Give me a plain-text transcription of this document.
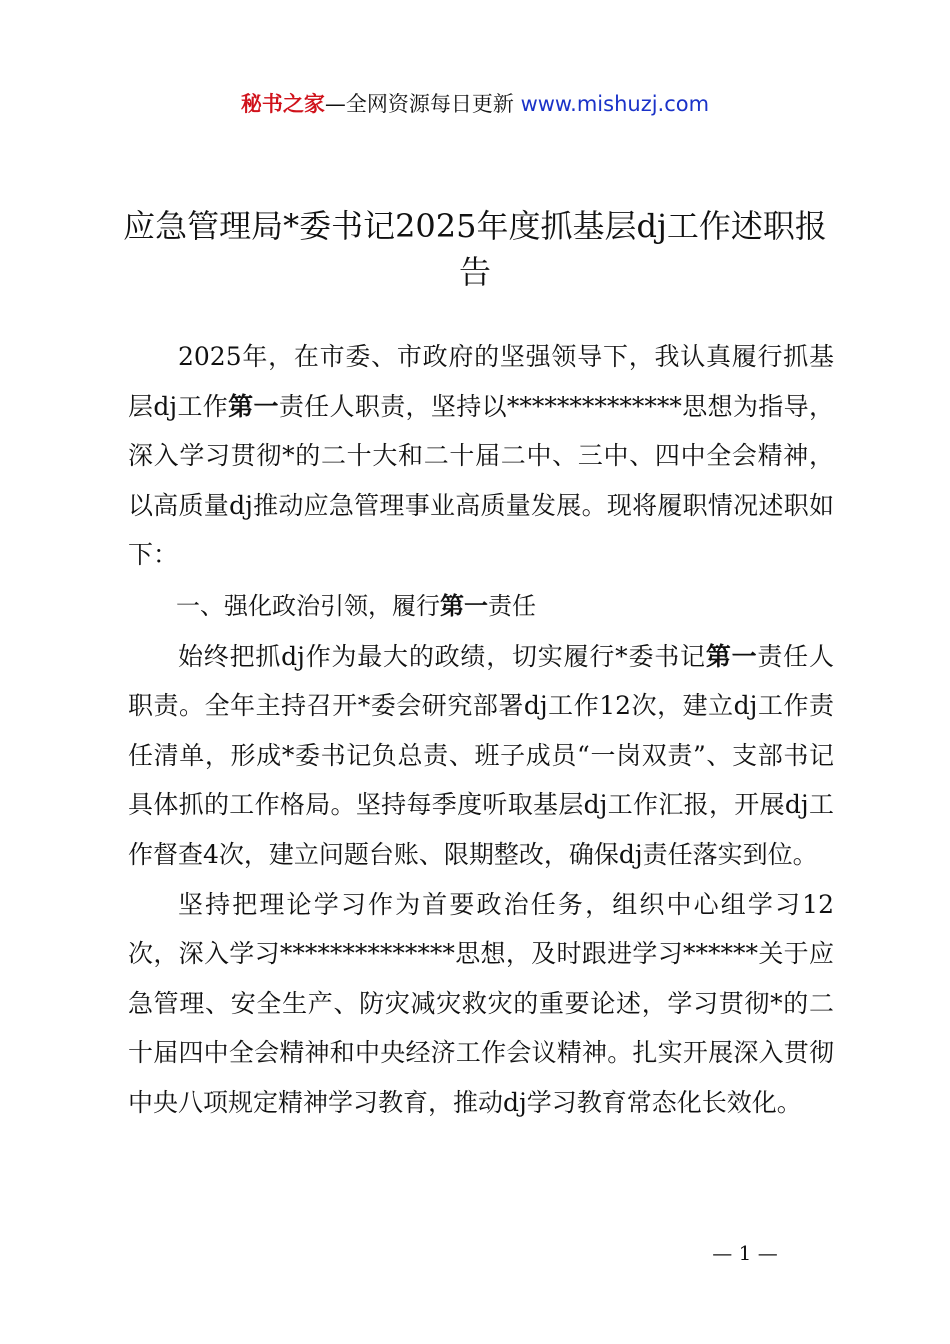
秘书之家—全网资源每日更新 www.mishuzj.com
应急管理局*委书记2025年度抓基层dj工作述职报告

2025年，在市委、市政府的坚强领导下，我认真履行抓基层dj工作第一责任人职责，坚持以**************思想为指导，深入学习贯彻*的二十大和二十届二中、三中、四中全会精神，以高质量dj推动应急管理事业高质量发展。现将履职情况述职如下：

一、强化政治引领，履行第一责任

始终把抓dj作为最大的政绩，切实履行*委书记第一责任人职责。全年主持召开*委会研究部署dj工作12次，建立dj工作责任清单，形成*委书记负总责、班子成员“一岗双责”、支部书记具体抓的工作格局。坚持每季度听取基层dj工作汇报，开展dj工作督查4次，建立问题台账、限期整改，确保dj责任落实到位。

坚持把理论学习作为首要政治任务，组织中心组学习12次，深入学习**************思想，及时跟进学习******关于应急管理、安全生产、防灾减灾救灾的重要论述，学习贯彻*的二十届四中全会精神和中央经济工作会议精神。扎实开展深入贯彻中央八项规定精神学习教育，推动dj学习教育常态化长效化。

— 1 —
